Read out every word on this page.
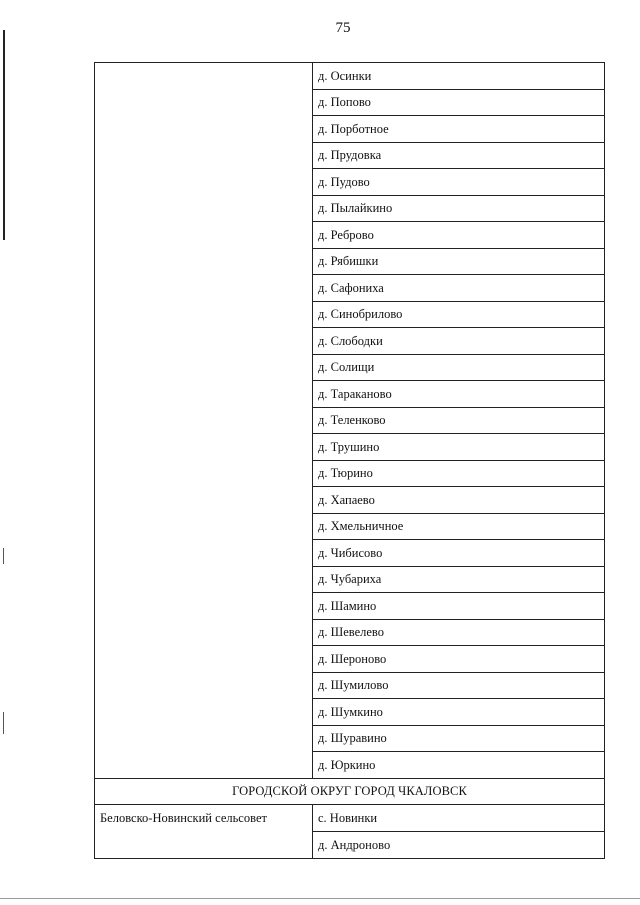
75
	д. Осинки
	д. Попово
	д. Порботное
	д. Прудовка
	д. Пудово
	д. Пылайкино
	д. Реброво
	д. Рябишки
	д. Сафониха
	д. Синобрилово
	д. Слободки
	д. Солищи
	д. Тараканово
	д. Теленково
	д. Трушино
	д. Тюрино
	д. Хапаево
	д. Хмельничное
	д. Чибисово
	д. Чубариха
	д. Шамино
	д. Шевелево
	д. Шероново
	д. Шумилово
	д. Шумкино
	д. Шуравино
	д. Юркино
ГОРОДСКОЙ ОКРУГ ГОРОД ЧКАЛОВСК	
Беловско-Новинский сельсовет	с. Новинки
	д. Андроново
